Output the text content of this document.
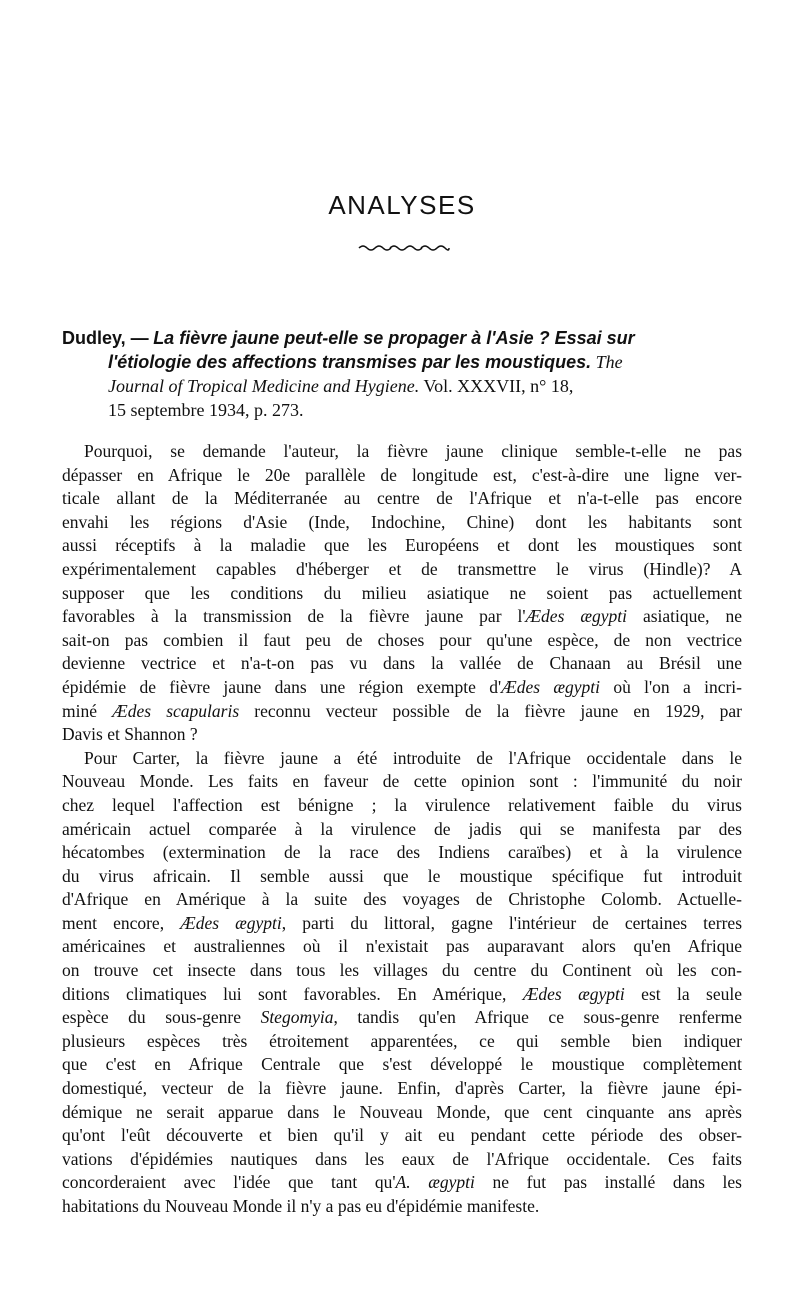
ANALYSES
Dudley, — La fièvre jaune peut-elle se propager à l'Asie ? Essai sur
l'étiologie des affections transmises par les moustiques. The
Journal of Tropical Medicine and Hygiene. Vol. XXXVII, n° 18,
15 septembre 1934, p. 273.
Pourquoi, se demande l'auteur, la fièvre jaune clinique semble-t-elle ne pas
dépasser en Afrique le 20e parallèle de longitude est, c'est-à-dire une ligne ver-
ticale allant de la Méditerranée au centre de l'Afrique et n'a-t-elle pas encore
envahi les régions d'Asie (Inde, Indochine, Chine) dont les habitants sont
aussi réceptifs à la maladie que les Européens et dont les moustiques sont
expérimentalement capables d'héberger et de transmettre le virus (Hindle)? A
supposer que les conditions du milieu asiatique ne soient pas actuellement
favorables à la transmission de la fièvre jaune par l'Ædes ægypti asiatique, ne
sait-on pas combien il faut peu de choses pour qu'une espèce, de non vectrice
devienne vectrice et n'a-t-on pas vu dans la vallée de Chanaan au Brésil une
épidémie de fièvre jaune dans une région exempte d'Ædes ægypti où l'on a incri-
miné Ædes scapularis reconnu vecteur possible de la fièvre jaune en 1929, par
Davis et Shannon ?
Pour Carter, la fièvre jaune a été introduite de l'Afrique occidentale dans le
Nouveau Monde. Les faits en faveur de cette opinion sont : l'immunité du noir
chez lequel l'affection est bénigne ; la virulence relativement faible du virus
américain actuel comparée à la virulence de jadis qui se manifesta par des
hécatombes (extermination de la race des Indiens caraïbes) et à la virulence
du virus africain. Il semble aussi que le moustique spécifique fut introduit
d'Afrique en Amérique à la suite des voyages de Christophe Colomb. Actuelle-
ment encore, Ædes ægypti, parti du littoral, gagne l'intérieur de certaines terres
américaines et australiennes où il n'existait pas auparavant alors qu'en Afrique
on trouve cet insecte dans tous les villages du centre du Continent où les con-
ditions climatiques lui sont favorables. En Amérique, Ædes ægypti est la seule
espèce du sous-genre Stegomyia, tandis qu'en Afrique ce sous-genre renferme
plusieurs espèces très étroitement apparentées, ce qui semble bien indiquer
que c'est en Afrique Centrale que s'est développé le moustique complètement
domestiqué, vecteur de la fièvre jaune. Enfin, d'après Carter, la fièvre jaune épi-
démique ne serait apparue dans le Nouveau Monde, que cent cinquante ans après
qu'ont l'eût découverte et bien qu'il y ait eu pendant cette période des obser-
vations d'épidémies nautiques dans les eaux de l'Afrique occidentale. Ces faits
concorderaient avec l'idée que tant qu'A. ægypti ne fut pas installé dans les
habitations du Nouveau Monde il n'y a pas eu d'épidémie manifeste.
